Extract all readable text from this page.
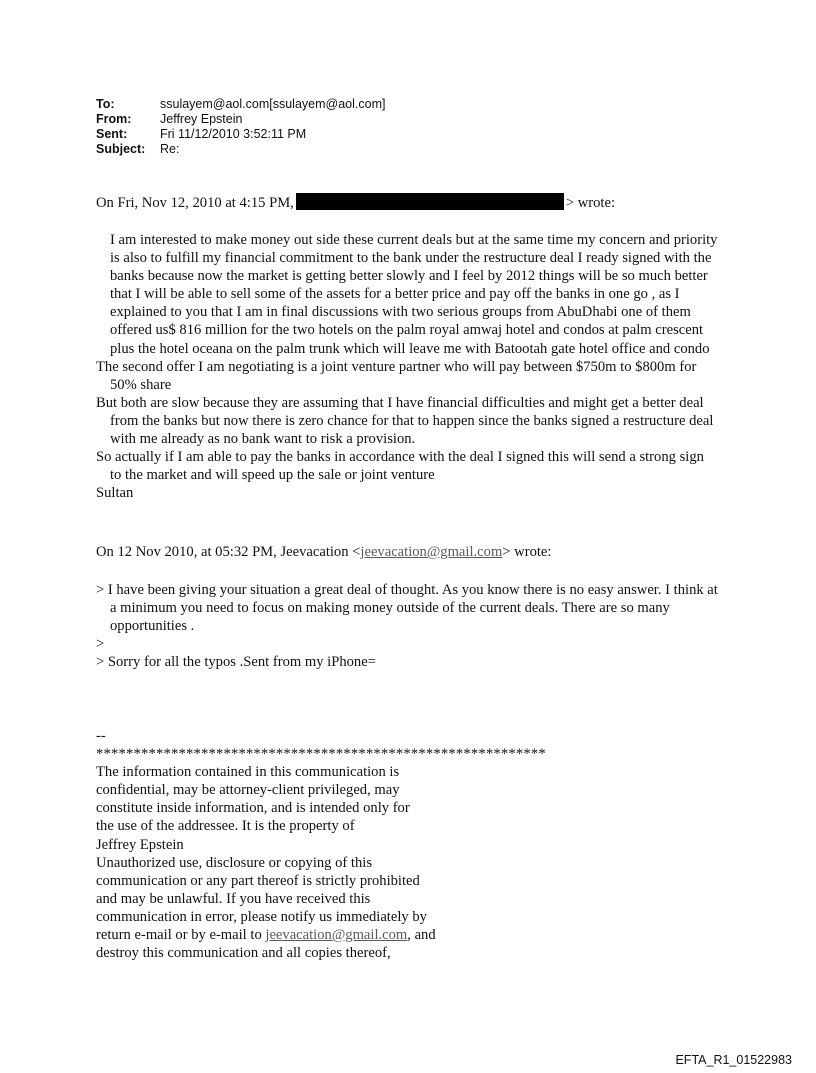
To:	ssulayem@aol.com[ssulayem@aol.com]
From:	Jeffrey Epstein
Sent:	Fri 11/12/2010 3:52:11 PM
Subject:	Re:
On Fri, Nov 12, 2010 at 4:15 PM,	> wrote:

I am interested to make money out side these current deals but at the same time my concern and priority is also to fulfill my financial commitment to the bank under the restructure deal I ready signed with the banks because now the market is getting better slowly and I feel by 2012 things will be so much better that I will be able to sell some of the assets for a better price and pay off the banks in one go , as I explained to you that I am in final discussions with two serious groups from AbuDhabi one of them offered us$ 816 million for the two hotels on the palm royal amwaj hotel and condos at palm crescent plus the hotel oceana on the palm trunk which will leave me with Batootah gate hotel office and condo

The second offer I am negotiating is a joint venture partner who will pay between $750m to $800m for 50% share

But both are slow because they are assuming that I have financial difficulties and might get a better deal from the banks but now there is zero chance for that to happen since the banks signed a restructure deal with me already as no bank want to risk a provision.

So actually if I am able to pay the banks in accordance with the deal I signed this will send a strong sign to the market and will speed up the sale or joint venture

Sultan

On 12 Nov 2010, at 05:32 PM, Jeevacation <jeevacation@gmail.com> wrote:

> I have been giving your situation a great deal of thought. As you know there is no easy answer. I think at a minimum you need to focus on making money outside of the current deals. There are so many opportunities .

>

> Sorry for all the typos .Sent from my iPhone=

--
************************************************************
The information contained in this communication is
confidential, may be attorney-client privileged, may
constitute inside information, and is intended only for
the use of the addressee. It is the property of
Jeffrey Epstein
Unauthorized use, disclosure or copying of this
communication or any part thereof is strictly prohibited
and may be unlawful. If you have received this
communication in error, please notify us immediately by
return e-mail or by e-mail to jeevacation@gmail.com, and
destroy this communication and all copies thereof,
EFTA_R1_01522983
